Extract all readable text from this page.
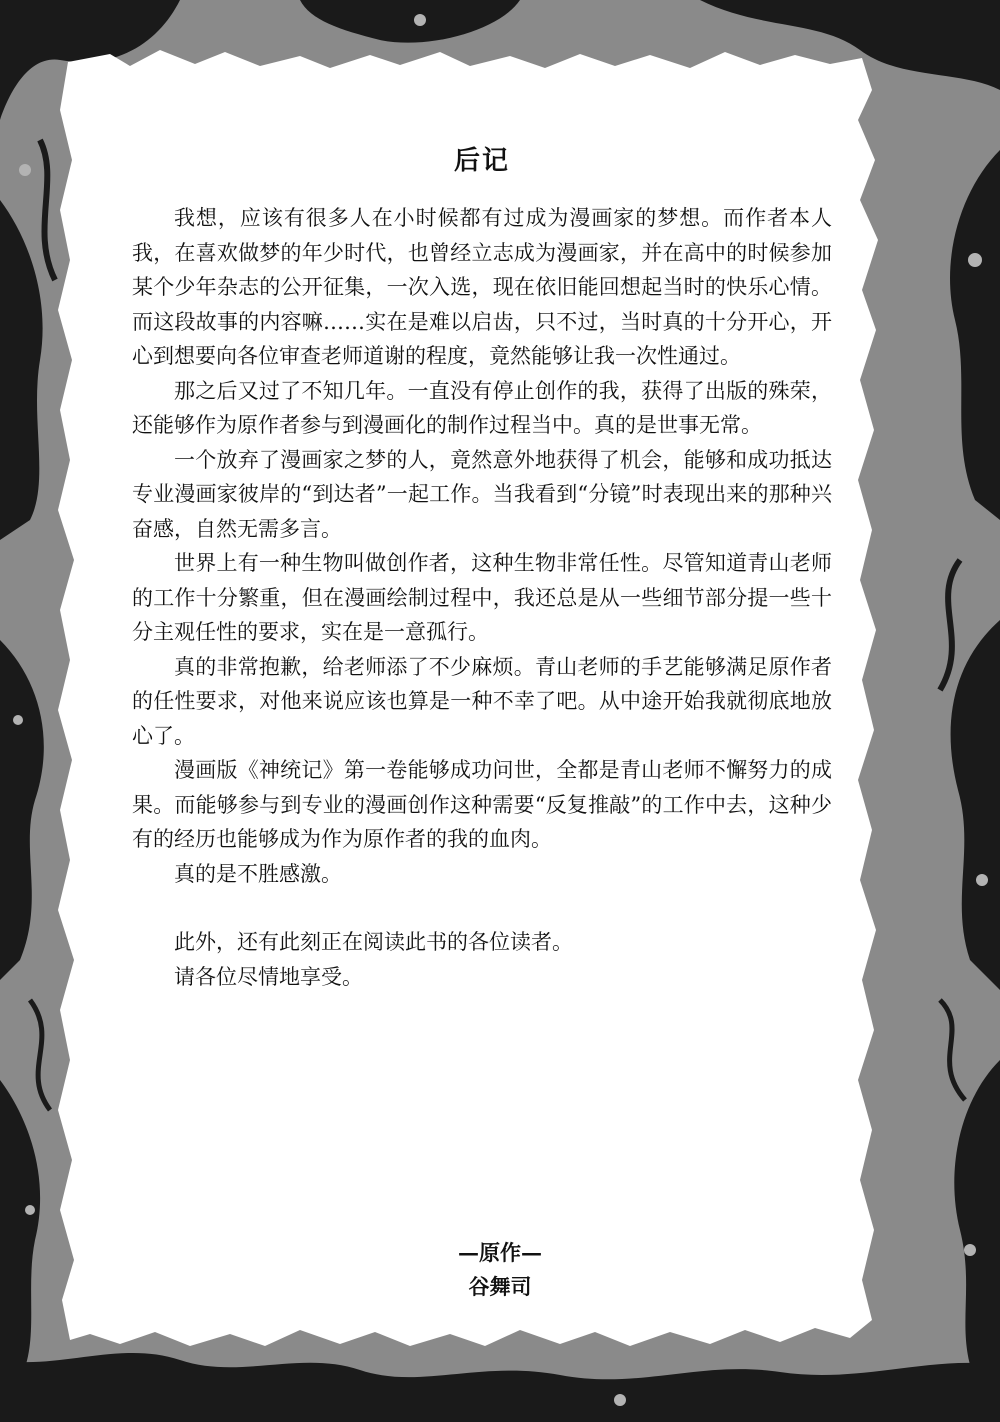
后记

我想，应该有很多人在小时候都有过成为漫画家的梦想。而作者本人我，在喜欢做梦的年少时代，也曾经立志成为漫画家，并在高中的时候参加某个少年杂志的公开征集，一次入选，现在依旧能回想起当时的快乐心情。而这段故事的内容嘛……实在是难以启齿，只不过，当时真的十分开心，开心到想要向各位审查老师道谢的程度，竟然能够让我一次性通过。

那之后又过了不知几年。一直没有停止创作的我，获得了出版的殊荣，还能够作为原作者参与到漫画化的制作过程当中。真的是世事无常。

一个放弃了漫画家之梦的人，竟然意外地获得了机会，能够和成功抵达专业漫画家彼岸的“到达者”一起工作。当我看到“分镜”时表现出来的那种兴奋感，自然无需多言。

世界上有一种生物叫做创作者，这种生物非常任性。尽管知道青山老师的工作十分繁重，但在漫画绘制过程中，我还总是从一些细节部分提一些十分主观任性的要求，实在是一意孤行。

真的非常抱歉，给老师添了不少麻烦。青山老师的手艺能够满足原作者的任性要求，对他来说应该也算是一种不幸了吧。从中途开始我就彻底地放心了。

漫画版《神统记》第一卷能够成功问世，全都是青山老师不懈努力的成果。而能够参与到专业的漫画创作这种需要“反复推敲”的工作中去，这种少有的经历也能够成为作为原作者的我的血肉。

真的是不胜感激。

此外，还有此刻正在阅读此书的各位读者。

请各位尽情地享受。

—原作—
谷舞司
